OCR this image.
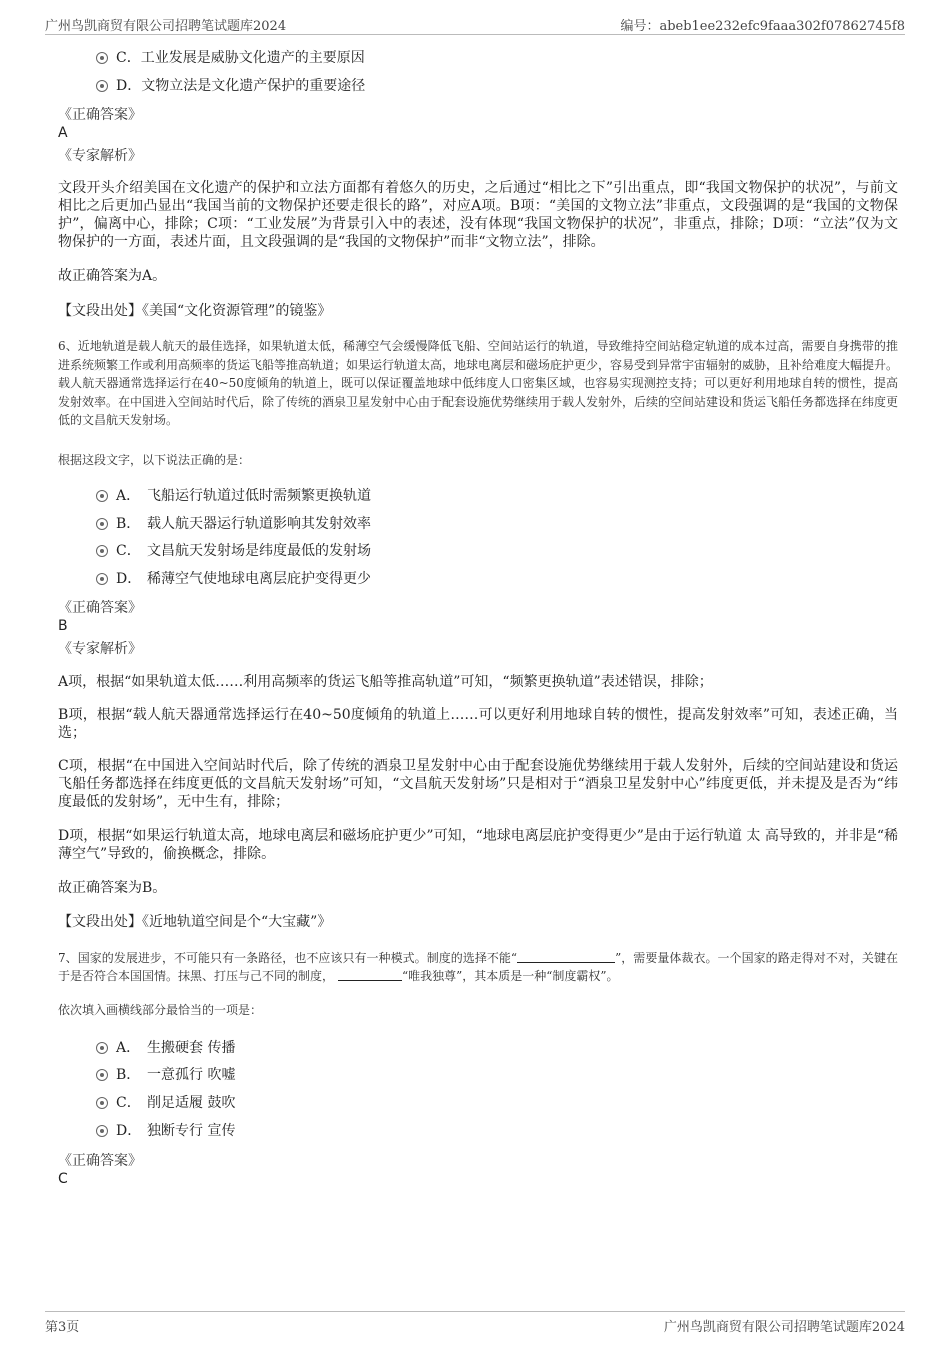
广州鸟凯商贸有限公司招聘笔试题库2024	编号：abeb1ee232efc9faaa302f07862745f8
C．工业发展是威胁文化遗产的主要原因
D．文物立法是文化遗产保护的重要途径
《正确答案》
A
《专家解析》
文段开头介绍美国在文化遗产的保护和立法方面都有着悠久的历史，之后通过“相比之下”引出重点，即“我国文物保护的状况”，与前文相比之后更加凸显出“我国当前的文物保护还要走很长的路”，对应A项。B项：“美国的文物立法”非重点，文段强调的是“我国的文物保护”，偏离中心，排除；C项：“工业发展”为背景引入中的表述，没有体现“我国文物保护的状况”，非重点，排除；D项：“立法”仅为文物保护的一方面，表述片面，且文段强调的是“我国的文物保护”而非“文物立法”，排除。
故正确答案为A。
【文段出处】《美国“文化资源管理”的镜鉴》
6、近地轨道是载人航天的最佳选择，如果轨道太低，稀薄空气会缓慢降低飞船、空间站运行的轨道，导致维持空间站稳定轨道的成本过高，需要自身携带的推进系统频繁工作或利用高频率的货运飞船等推高轨道；如果运行轨道太高，地球电离层和磁场庇护更少，容易受到异常宇宙辐射的威胁，且补给难度大幅提升。载人航天器通常选择运行在40~50度倾角的轨道上，既可以保证覆盖地球中低纬度人口密集区域，也容易实现测控支持；可以更好利用地球自转的惯性，提高发射效率。在中国进入空间站时代后，除了传统的酒泉卫星发射中心由于配套设施优势继续用于载人发射外，后续的空间站建设和货运飞船任务都选择在纬度更低的文昌航天发射场。
根据这段文字，以下说法正确的是：
A． 飞船运行轨道过低时需频繁更换轨道
B． 载人航天器运行轨道影响其发射效率
C． 文昌航天发射场是纬度最低的发射场
D． 稀薄空气使地球电离层庇护变得更少
《正确答案》
B
《专家解析》
A项，根据“如果轨道太低……利用高频率的货运飞船等推高轨道”可知，“频繁更换轨道”表述错误，排除；
B项，根据“载人航天器通常选择运行在40~50度倾角的轨道上……可以更好利用地球自转的惯性，提高发射效率”可知，表述正确，当选；
C项，根据“在中国进入空间站时代后，除了传统的酒泉卫星发射中心由于配套设施优势继续用于载人发射外，后续的空间站建设和货运飞船任务都选择在纬度更低的文昌航天发射场”可知，“文昌航天发射场”只是相对于“酒泉卫星发射中心”纬度更低，并未提及是否为“纬度最低的发射场”，无中生有，排除；
D项，根据“如果运行轨道太高，地球电离层和磁场庇护更少”可知，“地球电离层庇护变得更少”是由于运行轨道 太 高导致的，并非是“稀薄空气”导致的，偷换概念，排除。
故正确答案为B。
【文段出处】《近地轨道空间是个“大宝藏”》
7、国家的发展进步，不可能只有一条路径，也不应该只有一种模式。制度的选择不能“	”，需要量体裁衣。一个国家的路走得对不对，关键在于是否符合本国国情。抹黑、打压与己不同的制度，	“唯我独尊”，其本质是一种“制度霸权”。
依次填入画横线部分最恰当的一项是：
A． 生搬硬套 传播
B． 一意孤行 吹嘘
C． 削足适履 鼓吹
D． 独断专行 宣传
《正确答案》
C
第3页	广州鸟凯商贸有限公司招聘笔试题库2024
